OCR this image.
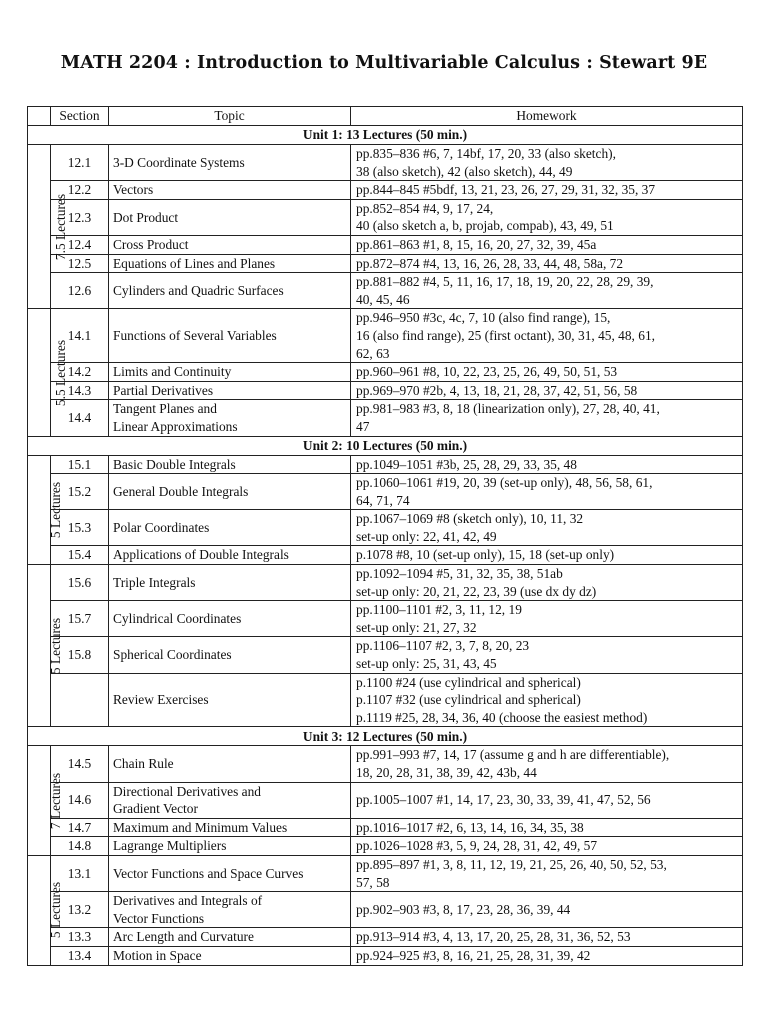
MATH 2204 : Introduction to Multivariable Calculus : Stewart 9E
	Section	Topic	Homework
Unit 1: 13 Lectures (50 min.)			
7.5 Lectures	12.1	3-D Coordinate Systems	pp.835–836 #6, 7, 14bf, 17, 20, 33 (also sketch),
38 (also sketch), 42 (also sketch), 44, 49
	12.2	Vectors	pp.844–845 #5bdf, 13, 21, 23, 26, 27, 29, 31, 32, 35, 37
	12.3	Dot Product	pp.852–854 #4, 9, 17, 24,
40 (also sketch a, b, projab, compab), 43, 49, 51
	12.4	Cross Product	pp.861–863 #1, 8, 15, 16, 20, 27, 32, 39, 45a
	12.5	Equations of Lines and Planes	pp.872–874 #4, 13, 16, 26, 28, 33, 44, 48, 58a, 72
	12.6	Cylinders and Quadric Surfaces	pp.881–882 #4, 5, 11, 16, 17, 18, 19, 20, 22, 28, 29, 39,
40, 45, 46
5.5 Lectures	14.1	Functions of Several Variables	pp.946–950 #3c, 4c, 7, 10 (also find range), 15,
16 (also find range), 25 (first octant), 30, 31, 45, 48, 61,
62, 63
	14.2	Limits and Continuity	pp.960–961 #8, 10, 22, 23, 25, 26, 49, 50, 51, 53
	14.3	Partial Derivatives	pp.969–970 #2b, 4, 13, 18, 21, 28, 37, 42, 51, 56, 58
	14.4	Tangent Planes and
Linear Approximations	pp.981–983 #3, 8, 18 (linearization only), 27, 28, 40, 41,
47
Unit 2: 10 Lectures (50 min.)			
5 Lectures	15.1	Basic Double Integrals	pp.1049–1051 #3b, 25, 28, 29, 33, 35, 48
	15.2	General Double Integrals	pp.1060–1061 #19, 20, 39 (set-up only), 48, 56, 58, 61,
64, 71, 74
	15.3	Polar Coordinates	pp.1067–1069 #8 (sketch only), 10, 11, 32
set-up only: 22, 41, 42, 49
	15.4	Applications of Double Integrals	p.1078 #8, 10 (set-up only), 15, 18 (set-up only)
5 Lectures	15.6	Triple Integrals	pp.1092–1094 #5, 31, 32, 35, 38, 51ab
set-up only: 20, 21, 22, 23, 39 (use dx dy dz)
	15.7	Cylindrical Coordinates	pp.1100–1101 #2, 3, 11, 12, 19
set-up only: 21, 27, 32
	15.8	Spherical Coordinates	pp.1106–1107 #2, 3, 7, 8, 20, 23
set-up only: 25, 31, 43, 45
		Review Exercises	p.1100 #24 (use cylindrical and spherical)
p.1107 #32 (use cylindrical and spherical)
p.1119 #25, 28, 34, 36, 40 (choose the easiest method)
Unit 3: 12 Lectures (50 min.)			
7 Lectures	14.5	Chain Rule	pp.991–993 #7, 14, 17 (assume g and h are differentiable),
18, 20, 28, 31, 38, 39, 42, 43b, 44
	14.6	Directional Derivatives and
Gradient Vector	pp.1005–1007 #1, 14, 17, 23, 30, 33, 39, 41, 47, 52, 56
	14.7	Maximum and Minimum Values	pp.1016–1017 #2, 6, 13, 14, 16, 34, 35, 38
	14.8	Lagrange Multipliers	pp.1026–1028 #3, 5, 9, 24, 28, 31, 42, 49, 57
5 Lectures	13.1	Vector Functions and Space Curves	pp.895–897 #1, 3, 8, 11, 12, 19, 21, 25, 26, 40, 50, 52, 53,
57, 58
	13.2	Derivatives and Integrals of
Vector Functions	pp.902–903 #3, 8, 17, 23, 28, 36, 39, 44
	13.3	Arc Length and Curvature	pp.913–914 #3, 4, 13, 17, 20, 25, 28, 31, 36, 52, 53
	13.4	Motion in Space	pp.924–925 #3, 8, 16, 21, 25, 28, 31, 39, 42
